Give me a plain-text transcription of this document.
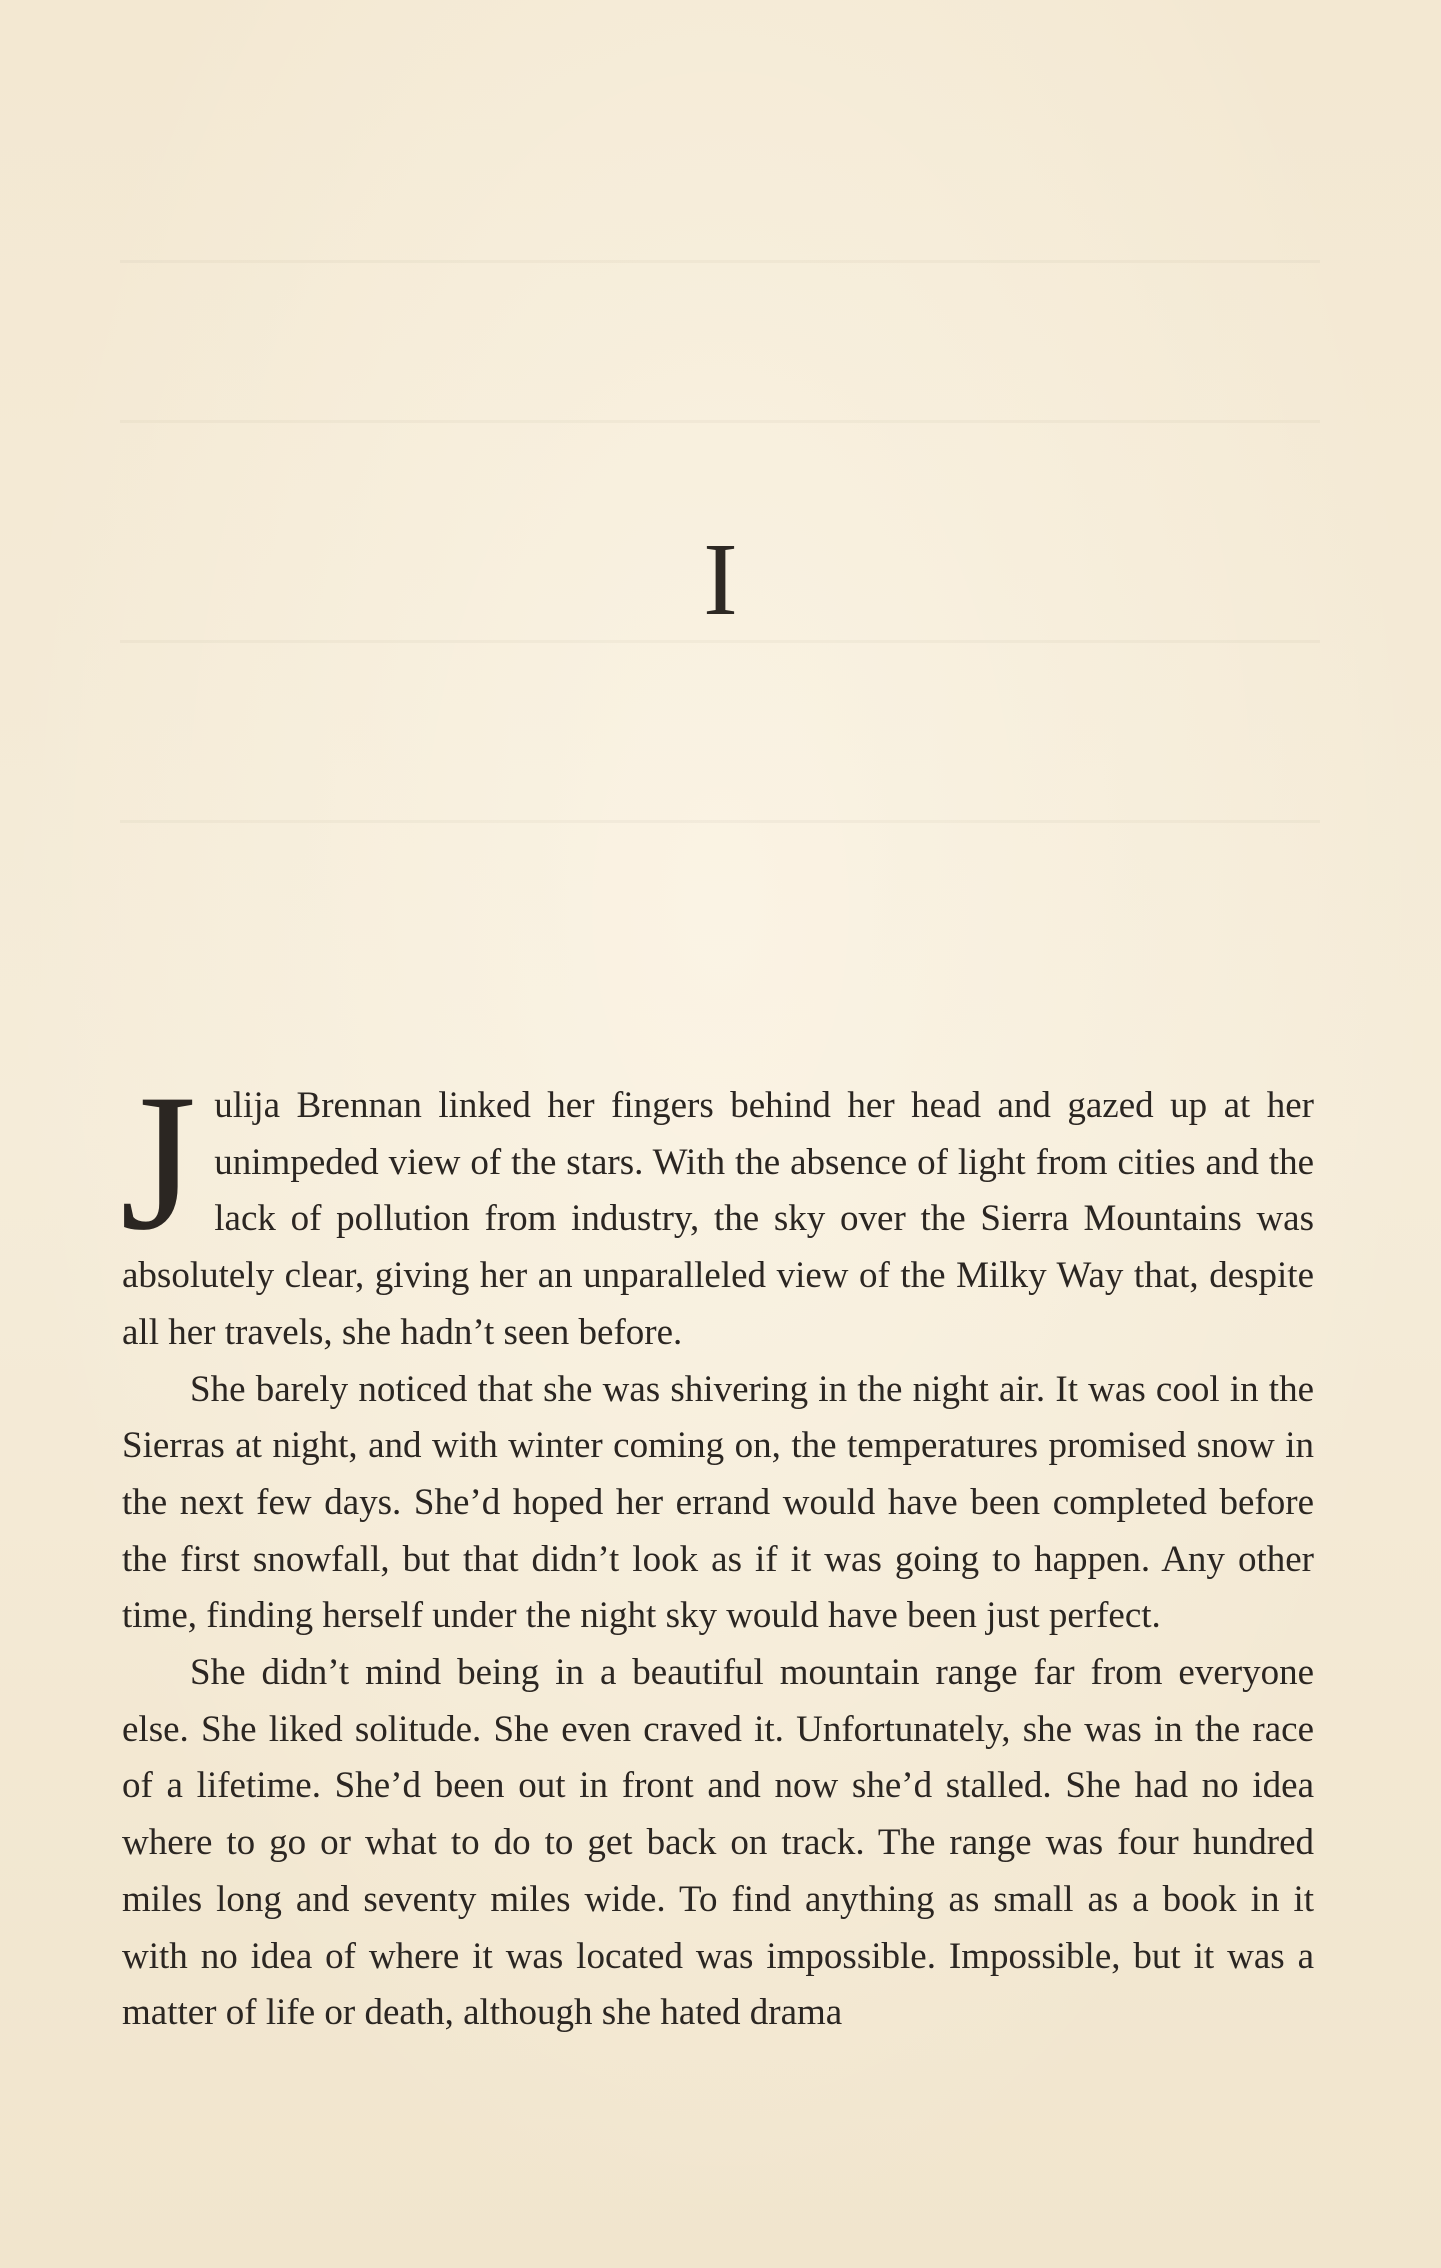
I

Julija Brennan linked her fingers behind her head and gazed up at her unimpeded view of the stars. With the absence of light from cities and the lack of pollution from industry, the sky over the Sierra Mountains was absolutely clear, giving her an unparalleled view of the Milky Way that, despite all her travels, she hadn’t seen before.

She barely noticed that she was shivering in the night air. It was cool in the Sierras at night, and with winter coming on, the temperatures promised snow in the next few days. She’d hoped her errand would have been completed before the first snowfall, but that didn’t look as if it was going to happen. Any other time, finding herself under the night sky would have been just perfect.

She didn’t mind being in a beautiful mountain range far from everyone else. She liked solitude. She even craved it. Unfortunately, she was in the race of a lifetime. She’d been out in front and now she’d stalled. She had no idea where to go or what to do to get back on track. The range was four hundred miles long and seventy miles wide. To find anything as small as a book in it with no idea of where it was located was impossible. Impossible, but it was a matter of life or death, although she hated drama
